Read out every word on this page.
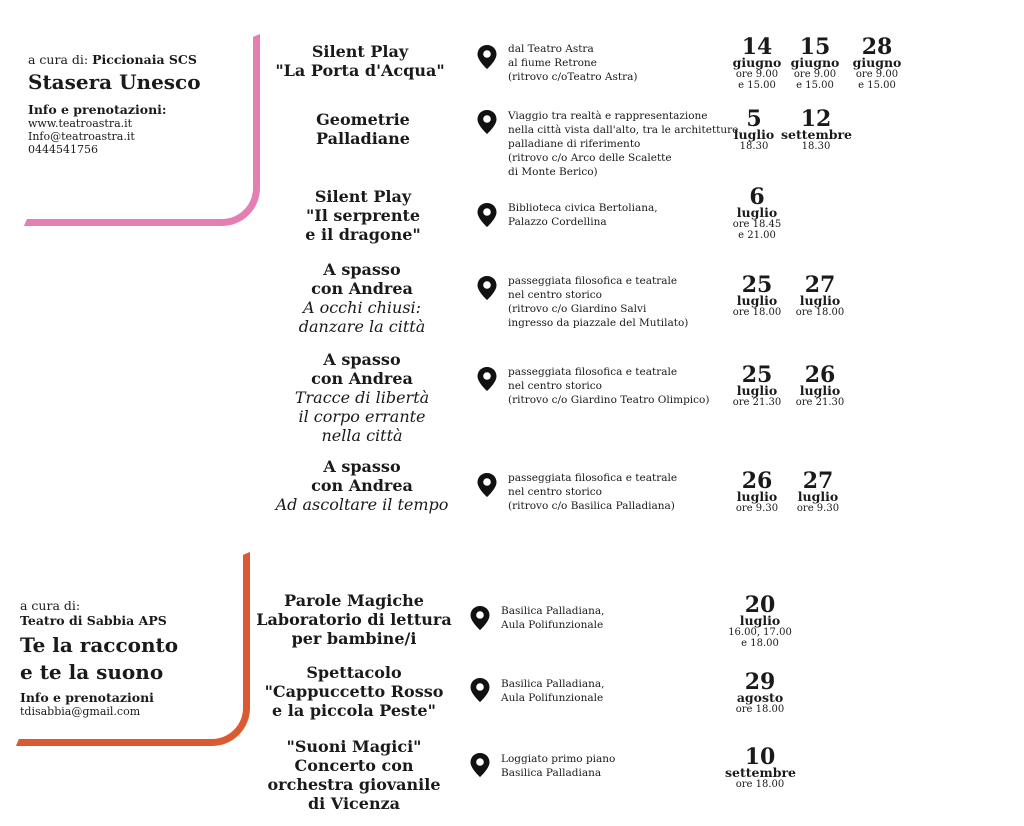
a cura di: Piccionaia SCS
Stasera Unesco
Info e prenotazioni:
www.teatroastra.it
Info@teatroastra.it
0444541756
a cura di:
Teatro di Sabbia APS
Te la racconto
e te la suono
Info e prenotazioni
tdisabbia@gmail.com
Silent Play
"La Porta d'Acqua"
dal Teatro Astra
al fiume Retrone
(ritrovo c/oTeatro Astra)
14
giugno
ore 9.00
e 15.00
15
giugno
ore 9.00
e 15.00
28
giugno
ore 9.00
e 15.00
Geometrie
Palladiane
Viaggio tra realtà e rappresentazione
nella città vista dall'alto, tra le architetture
palladiane di riferimento
(ritrovo c/o Arco delle Scalette
di Monte Berico)
5
luglio
18.30
12
settembre
18.30
Silent Play
"Il serprente
e il dragone"
Biblioteca civica Bertoliana,
Palazzo Cordellina
6
luglio
ore 18.45
e 21.00
A spasso
con Andrea
A occhi chiusi:
danzare la città
passeggiata filosofica e teatrale
nel centro storico
(ritrovo c/o Giardino Salvi
ingresso da piazzale del Mutilato)
25
luglio
ore 18.00
27
luglio
ore 18.00
A spasso
con Andrea
Tracce di libertà
il corpo errante
nella città
passeggiata filosofica e teatrale
nel centro storico
(ritrovo c/o Giardino Teatro Olimpico)
25
luglio
ore 21.30
26
luglio
ore 21.30
A spasso
con Andrea
Ad ascoltare il tempo
passeggiata filosofica e teatrale
nel centro storico
(ritrovo c/o Basilica Palladiana)
26
luglio
ore 9.30
27
luglio
ore 9.30
Parole Magiche
Laboratorio di lettura
per bambine/i
Basilica Palladiana,
Aula Polifunzionale
20
luglio
16.00, 17.00
e 18.00
Spettacolo
"Cappuccetto Rosso
e la piccola Peste"
Basilica Palladiana,
Aula Polifunzionale
29
agosto
ore 18.00
"Suoni Magici"
Concerto con
orchestra giovanile
di Vicenza
Loggiato primo piano
Basilica Palladiana
10
settembre
ore 18.00
